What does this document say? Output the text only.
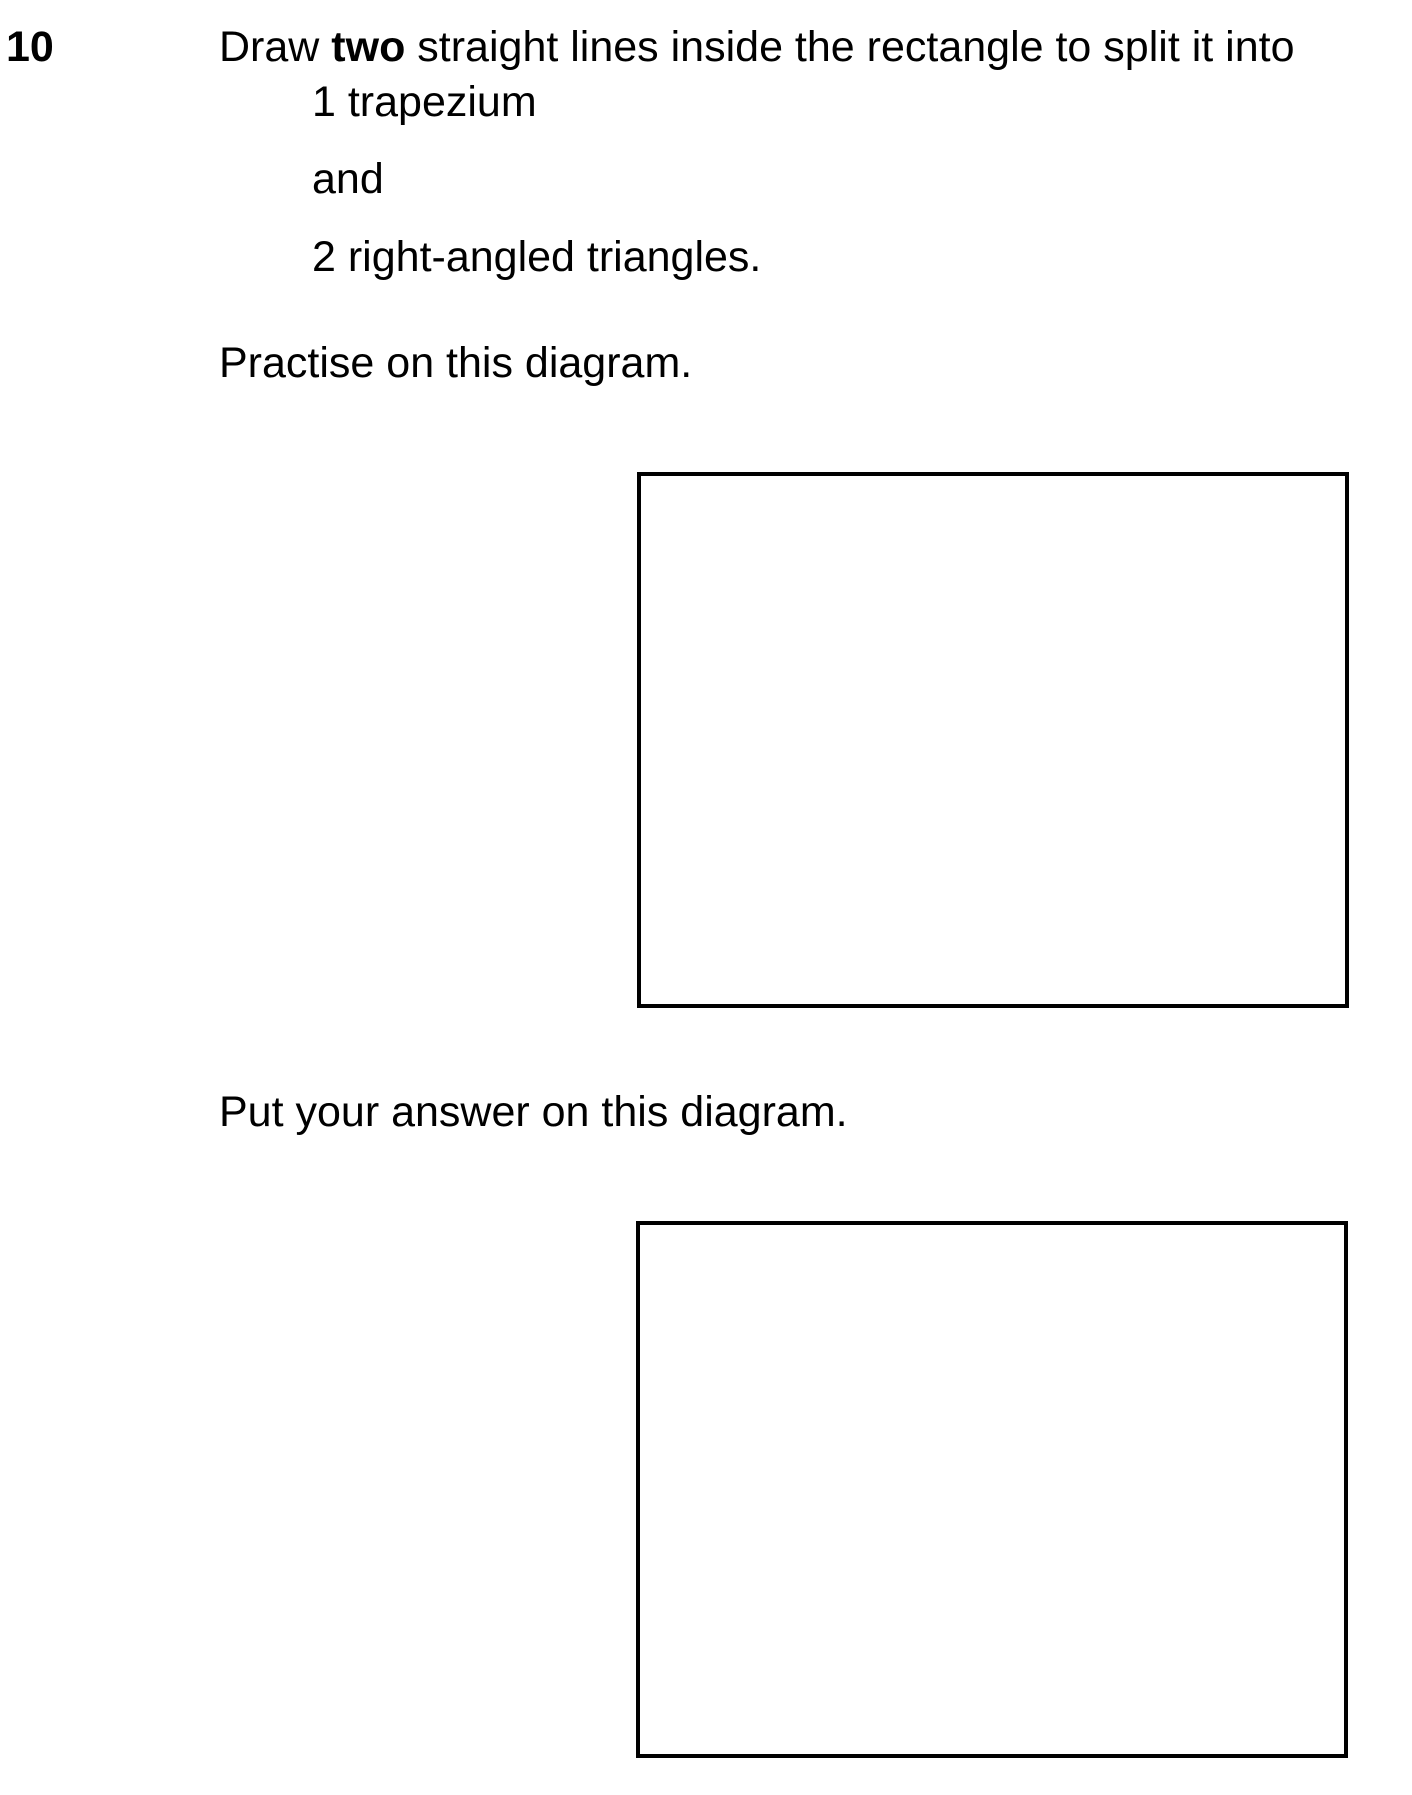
10	Draw two straight lines inside the rectangle to split it into
1 trapezium
and
2 right-angled triangles.
Practise on this diagram.
Put your answer on this diagram.
